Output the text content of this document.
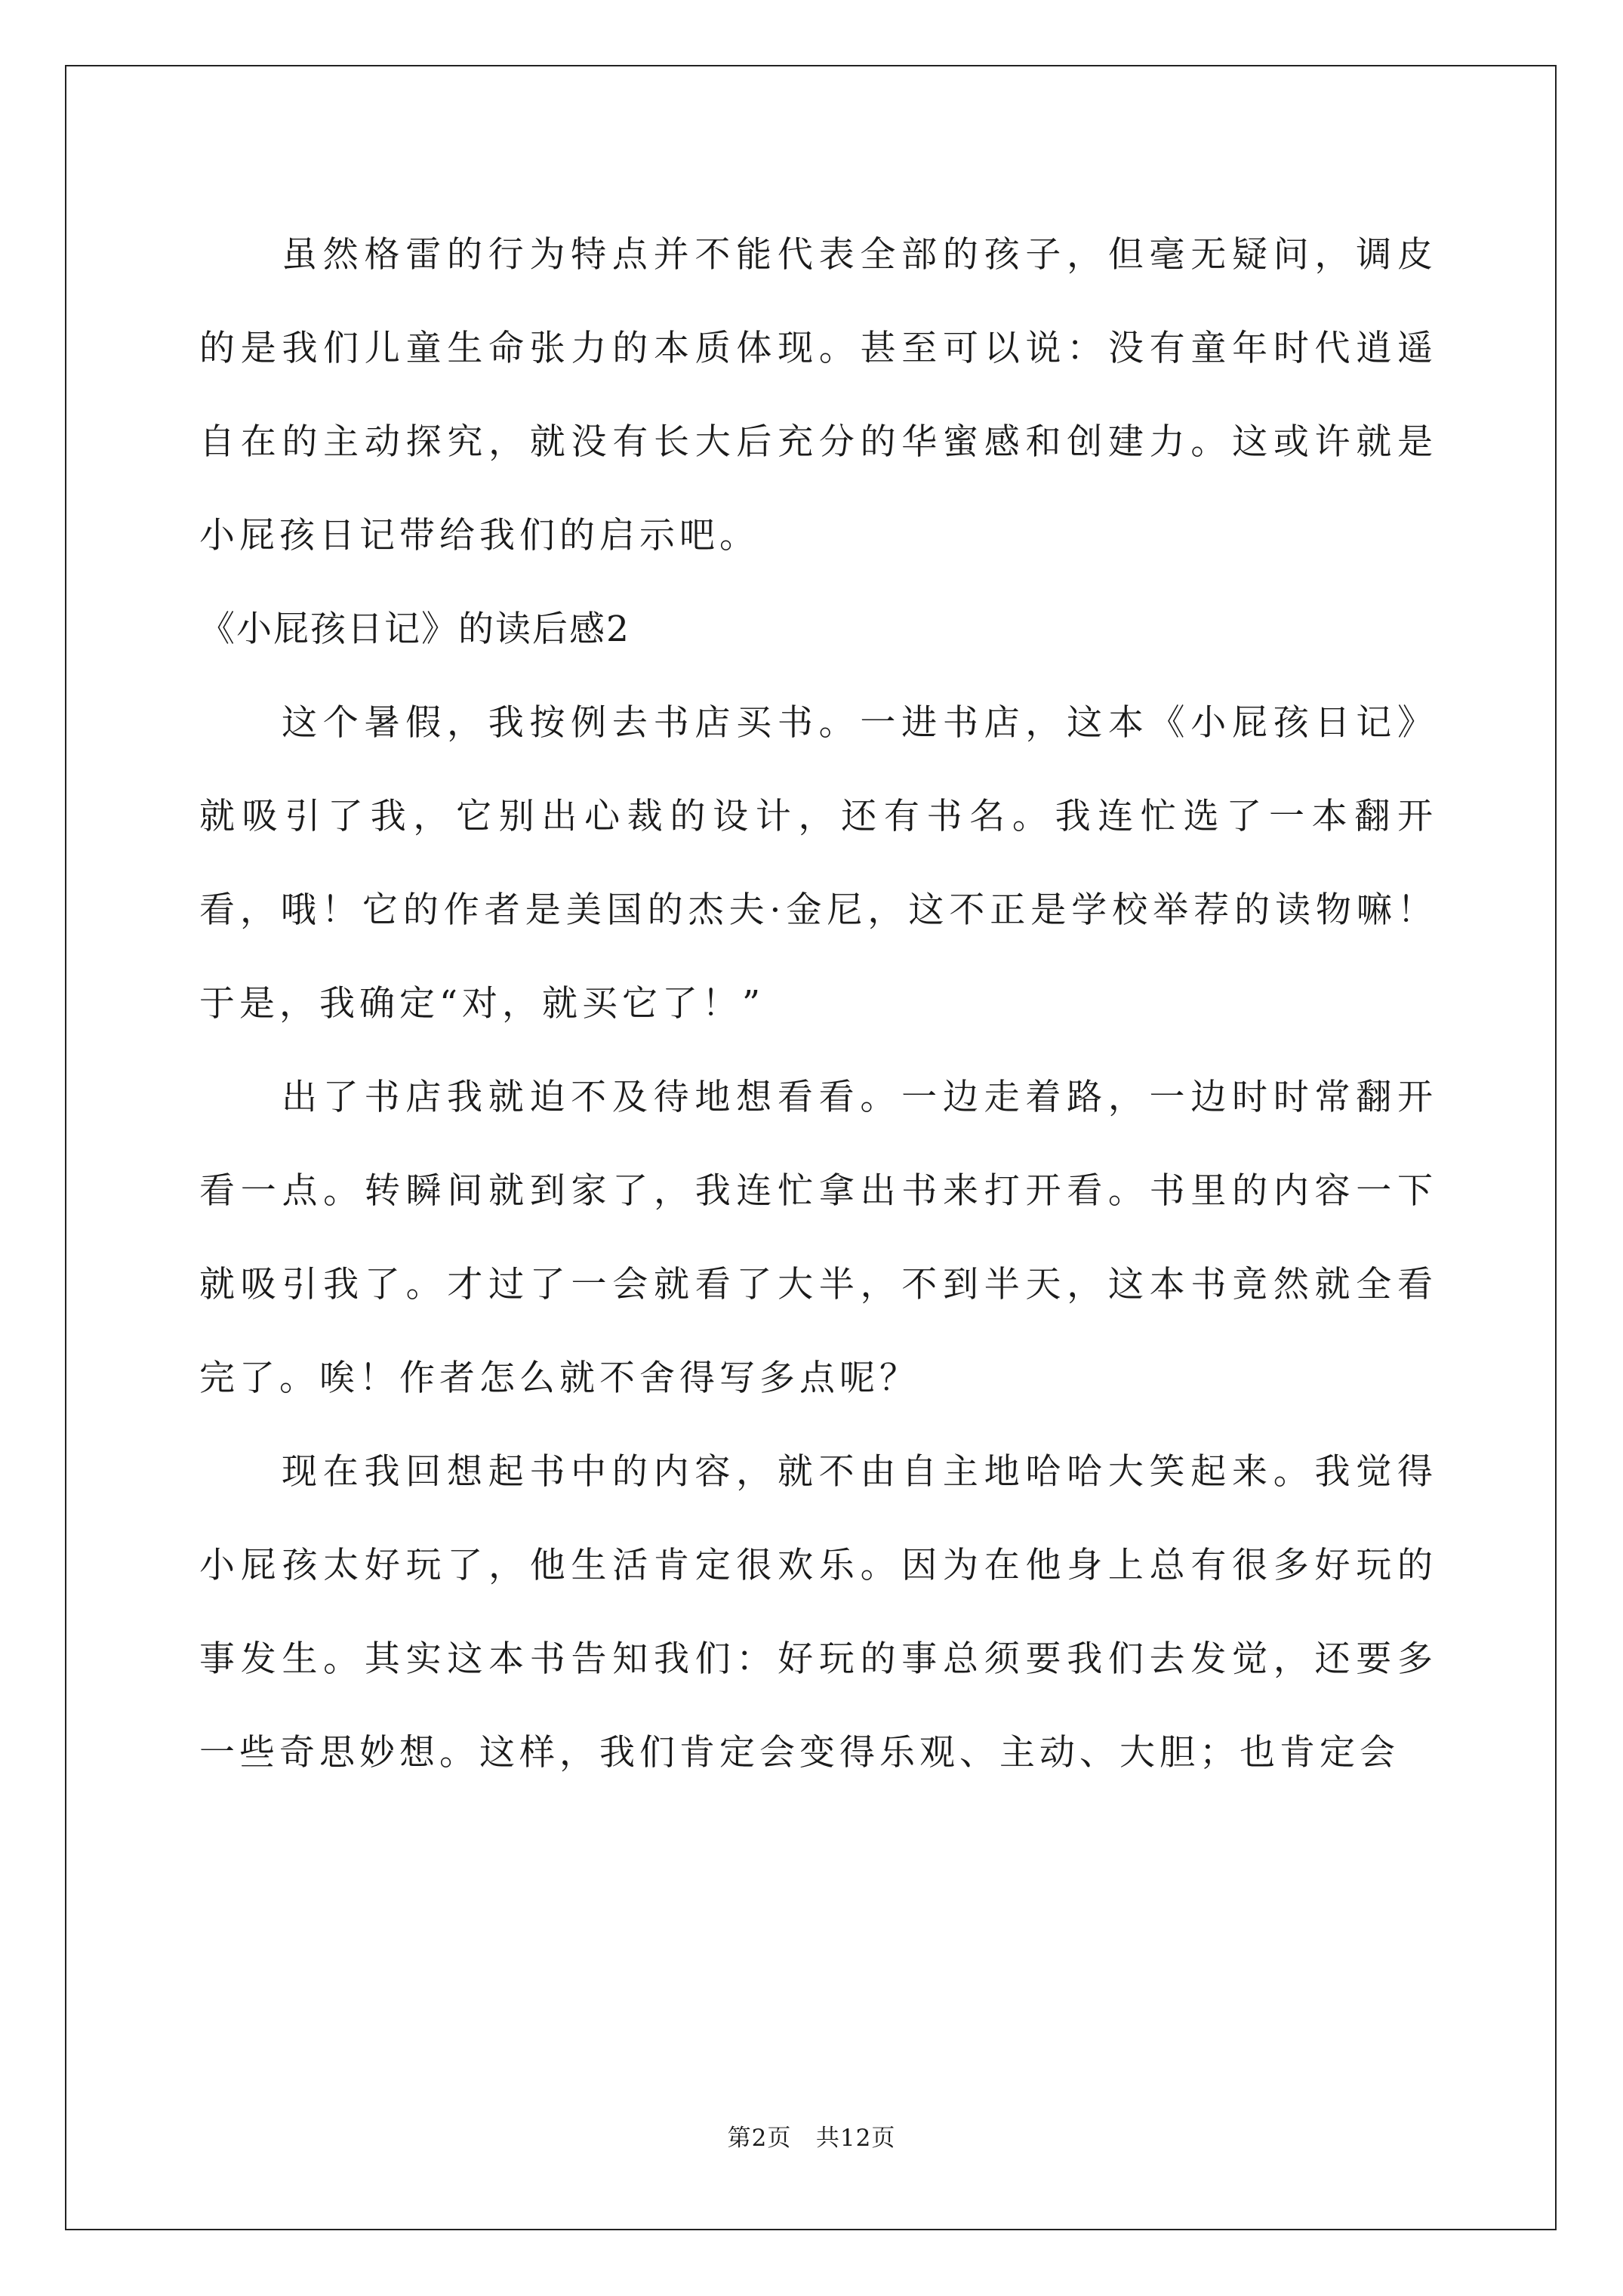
虽然格雷的行为特点并不能代表全部的孩子，但毫无疑问，调皮的是我们儿童生命张力的本质体现。甚至可以说：没有童年时代逍遥自在的主动探究，就没有长大后充分的华蜜感和创建力。这或许就是小屁孩日记带给我们的启示吧。

《小屁孩日记》的读后感2

这个暑假，我按例去书店买书。一进书店，这本《小屁孩日记》就吸引了我，它别出心裁的设计，还有书名。我连忙选了一本翻开看，哦！它的作者是美国的杰夫·金尼，这不正是学校举荐的读物嘛！于是，我确定“对，就买它了！”

出了书店我就迫不及待地想看看。一边走着路，一边时时常翻开看一点。转瞬间就到家了，我连忙拿出书来打开看。书里的内容一下就吸引我了。才过了一会就看了大半，不到半天，这本书竟然就全看完了。唉！作者怎么就不舍得写多点呢？

现在我回想起书中的内容，就不由自主地哈哈大笑起来。我觉得小屁孩太好玩了，他生活肯定很欢乐。因为在他身上总有很多好玩的事发生。其实这本书告知我们：好玩的事总须要我们去发觉，还要多一些奇思妙想。这样，我们肯定会变得乐观、主动、大胆；也肯定会

第2页   共12页
